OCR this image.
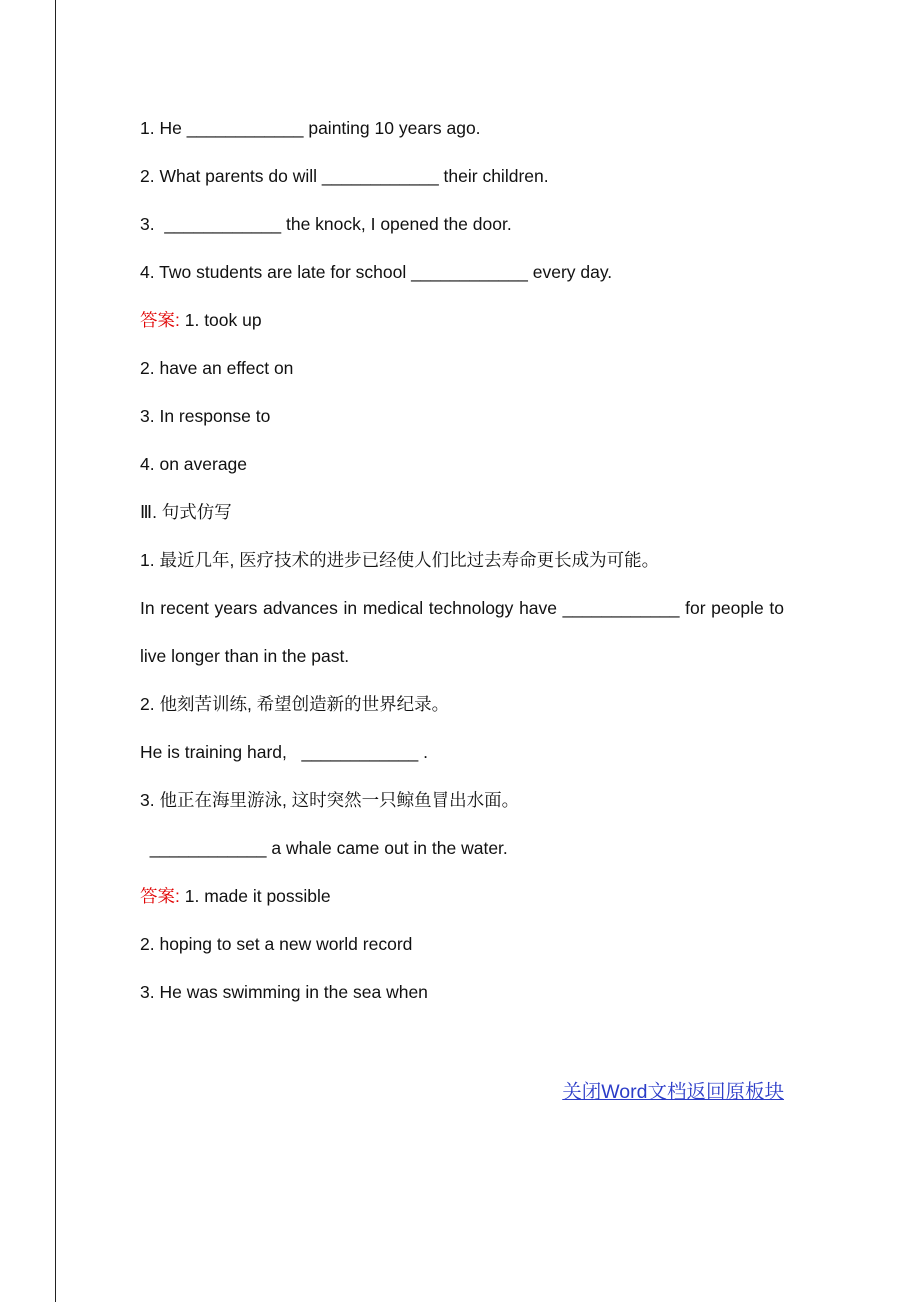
1. He ____________ painting 10 years ago.

2. What parents do will ____________ their children.

3.  ____________ the knock, I opened the door.

4. Two students are late for school ____________ every day.

答案: 1. took up

2. have an effect on

3. In response to

4. on average

Ⅲ. 句式仿写

1. 最近几年, 医疗技术的进步已经使人们比过去寿命更长成为可能。

In recent years advances in medical technology have ____________ for people to live longer than in the past.

2. 他刻苦训练, 希望创造新的世界纪录。

He is training hard,   ____________ .

3. 他正在海里游泳, 这时突然一只鲸鱼冒出水面。

____________ a whale came out in the water.

答案: 1. made it possible

2. hoping to set a new world record

3. He was swimming in the sea when

关闭Word文档返回原板块
